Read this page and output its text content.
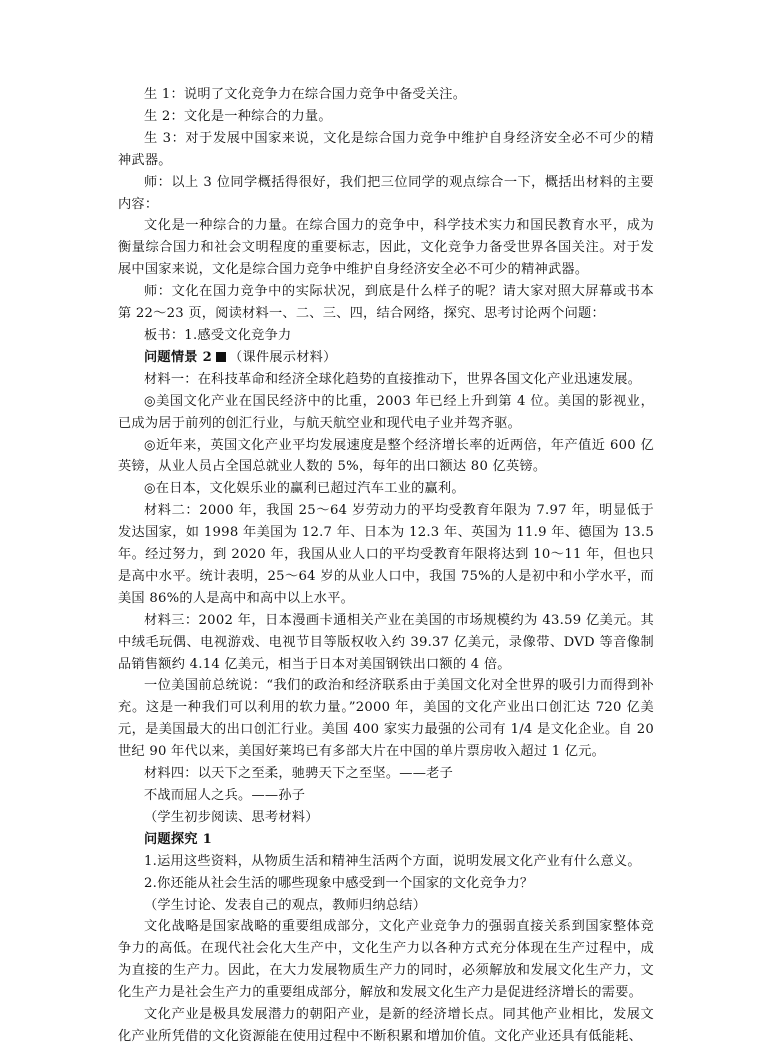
生 1：说明了文化竞争力在综合国力竞争中备受关注。

生 2：文化是一种综合的力量。

生 3：对于发展中国家来说，文化是综合国力竞争中维护自身经济安全必不可少的精神武器。

师：以上 3 位同学概括得很好，我们把三位同学的观点综合一下，概括出材料的主要内容：

文化是一种综合的力量。在综合国力的竞争中，科学技术实力和国民教育水平，成为衡量综合国力和社会文明程度的重要标志，因此，文化竞争力备受世界各国关注。对于发展中国家来说，文化是综合国力竞争中维护自身经济安全必不可少的精神武器。

师：文化在国力竞争中的实际状况，到底是什么样子的呢？请大家对照大屏幕或书本第 22～23 页，阅读材料一、二、三、四，结合网络，探究、思考讨论两个问题：

板书：1.感受文化竞争力

问题情景 2 （课件展示材料）

材料一：在科技革命和经济全球化趋势的直接推动下，世界各国文化产业迅速发展。

◎美国文化产业在国民经济中的比重，2003 年已经上升到第 4 位。美国的影视业，已成为居于前列的创汇行业，与航天航空业和现代电子业并驾齐驱。

◎近年来，英国文化产业平均发展速度是整个经济增长率的近两倍，年产值近 600 亿英镑，从业人员占全国总就业人数的 5%，每年的出口额达 80 亿英镑。

◎在日本，文化娱乐业的赢利已超过汽车工业的赢利。

材料二：2000 年，我国 25～64 岁劳动力的平均受教育年限为 7.97 年，明显低于发达国家，如 1998 年美国为 12.7 年、日本为 12.3 年、英国为 11.9 年、德国为 13.5 年。经过努力，到 2020 年，我国从业人口的平均受教育年限将达到 10～11 年，但也只是高中水平。统计表明，25～64 岁的从业人口中，我国 75%的人是初中和小学水平，而美国 86%的人是高中和高中以上水平。

材料三：2002 年，日本漫画卡通相关产业在美国的市场规模约为 43.59 亿美元。其中绒毛玩偶、电视游戏、电视节目等版权收入约 39.37 亿美元，录像带、DVD 等音像制品销售额约 4.14 亿美元，相当于日本对美国钢铁出口额的 4 倍。

一位美国前总统说：“我们的政治和经济联系由于美国文化对全世界的吸引力而得到补充。这是一种我们可以利用的软力量。”2000 年，美国的文化产业出口创汇达 720 亿美元，是美国最大的出口创汇行业。美国 400 家实力最强的公司有 1/4 是文化企业。自 20 世纪 90 年代以来，美国好莱坞已有多部大片在中国的单片票房收入超过 1 亿元。

材料四：以天下之至柔，驰骋天下之至坚。——老子

不战而屈人之兵。——孙子

（学生初步阅读、思考材料）

问题探究 1

1.运用这些资料，从物质生活和精神生活两个方面，说明发展文化产业有什么意义。

2.你还能从社会生活的哪些现象中感受到一个国家的文化竞争力？

（学生讨论、发表自己的观点，教师归纳总结）

文化战略是国家战略的重要组成部分，文化产业竞争力的强弱直接关系到国家整体竞争力的高低。在现代社会化大生产中，文化生产力以各种方式充分体现在生产过程中，成为直接的生产力。因此，在大力发展物质生产力的同时，必须解放和发展文化生产力，文化生产力是社会生产力的重要组成部分，解放和发展文化生产力是促进经济增长的需要。

文化产业是极具发展潜力的朝阳产业，是新的经济增长点。同其他产业相比，发展文化产业所凭借的文化资源能在使用过程中不断积累和增加价值。文化产业还具有低能耗、
